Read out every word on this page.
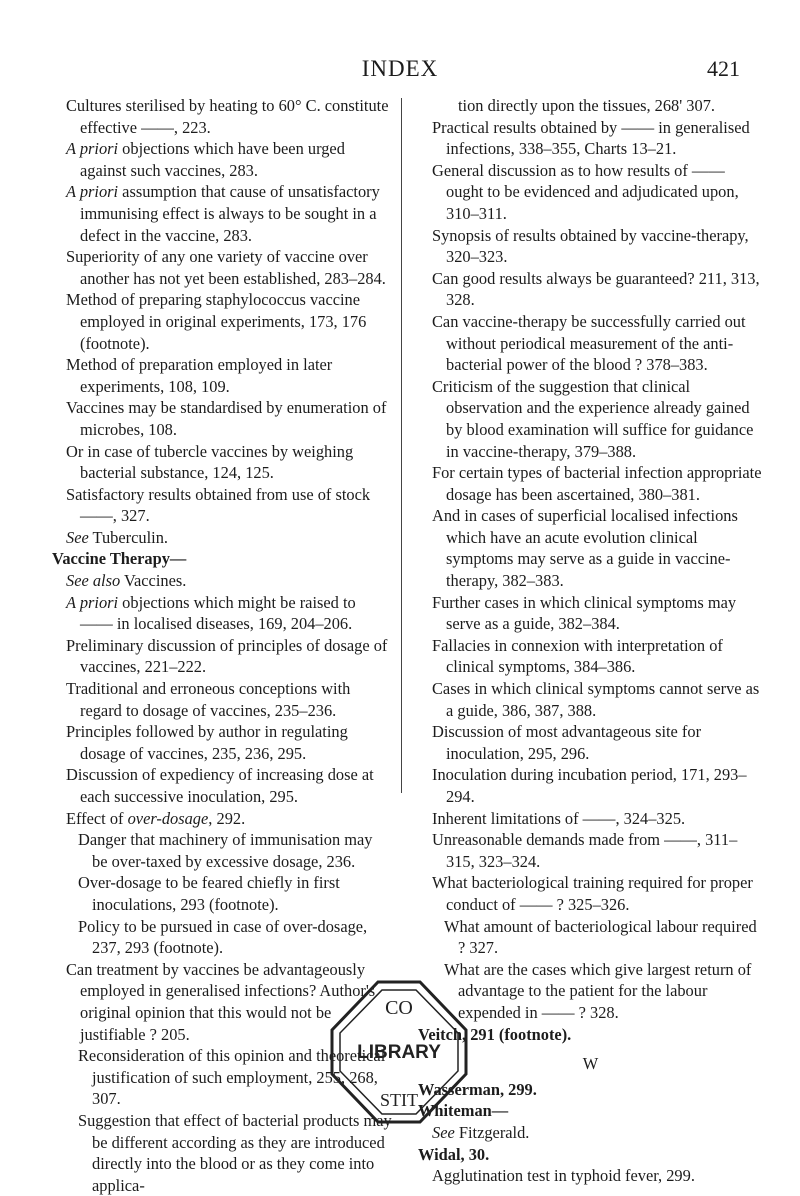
INDEX	421

Cultures sterilised by heating to 60° C. constitute effective ——, 223.

A priori objections which have been urged against such vaccines, 283.

A priori assumption that cause of unsatisfactory immunising effect is always to be sought in a defect in the vaccine, 283.

Superiority of any one variety of vaccine over another has not yet been established, 283–284.

Method of preparing staphylococcus vaccine employed in original experiments, 173, 176 (footnote).

Method of preparation employed in later experiments, 108, 109.

Vaccines may be standardised by enumeration of microbes, 108.

Or in case of tubercle vaccines by weighing bacterial substance, 124, 125.

Satisfactory results obtained from use of stock ——, 327.

See Tuberculin.

Vaccine Therapy—

See also Vaccines.

A priori objections which might be raised to —— in localised diseases, 169, 204–206.

Preliminary discussion of principles of dosage of vaccines, 221–222.

Traditional and erroneous conceptions with regard to dosage of vaccines, 235–236.

Principles followed by author in regulating dosage of vaccines, 235, 236, 295.

Discussion of expediency of increasing dose at each successive inoculation, 295.

Effect of over-dosage, 292.

Danger that machinery of immunisation may be over-taxed by excessive dosage, 236.

Over-dosage to be feared chiefly in first inoculations, 293 (footnote).

Policy to be pursued in case of over-dosage, 237, 293 (footnote).

Can treatment by vaccines be advantageously employed in generalised infections? Author's original opinion that this would not be justifiable ? 205.

Reconsideration of this opinion and theoretical justification of such employment, 255, 268, 307.

Suggestion that effect of bacterial products may be different according as they are introduced directly into the blood or as they come into applica-

tion directly upon the tissues, 268' 307.

Practical results obtained by —— in generalised infections, 338–355, Charts 13–21.

General discussion as to how results of —— ought to be evidenced and adjudicated upon, 310–311.

Synopsis of results obtained by vaccine-therapy, 320–323.

Can good results always be guaranteed? 211, 313, 328.

Can vaccine-therapy be successfully carried out without periodical measurement of the anti-bacterial power of the blood ? 378–383.

Criticism of the suggestion that clinical observation and the experience already gained by blood examination will suffice for guidance in vaccine-therapy, 379–388.

For certain types of bacterial infection appropriate dosage has been ascertained, 380–381.

And in cases of superficial localised infections which have an acute evolution clinical symptoms may serve as a guide in vaccine-therapy, 382–383.

Further cases in which clinical symptoms may serve as a guide, 382–384.

Fallacies in connexion with interpretation of clinical symptoms, 384–386.

Cases in which clinical symptoms cannot serve as a guide, 386, 387, 388.

Discussion of most advantageous site for inoculation, 295, 296.

Inoculation during incubation period, 171, 293–294.

Inherent limitations of ——, 324–325.

Unreasonable demands made from ——, 311–315, 323–324.

What bacteriological training required for proper conduct of —— ? 325–326.

What amount of bacteriological labour required ? 327.

What are the cases which give largest return of advantage to the patient for the labour expended in —— ? 328.

Veitch, 291 (footnote).

W

Wasserman, 299.

Whiteman—

See Fitzgerald.

Widal, 30.

Agglutination test in typhoid fever, 299.

CO
STIT
LIBRARY
